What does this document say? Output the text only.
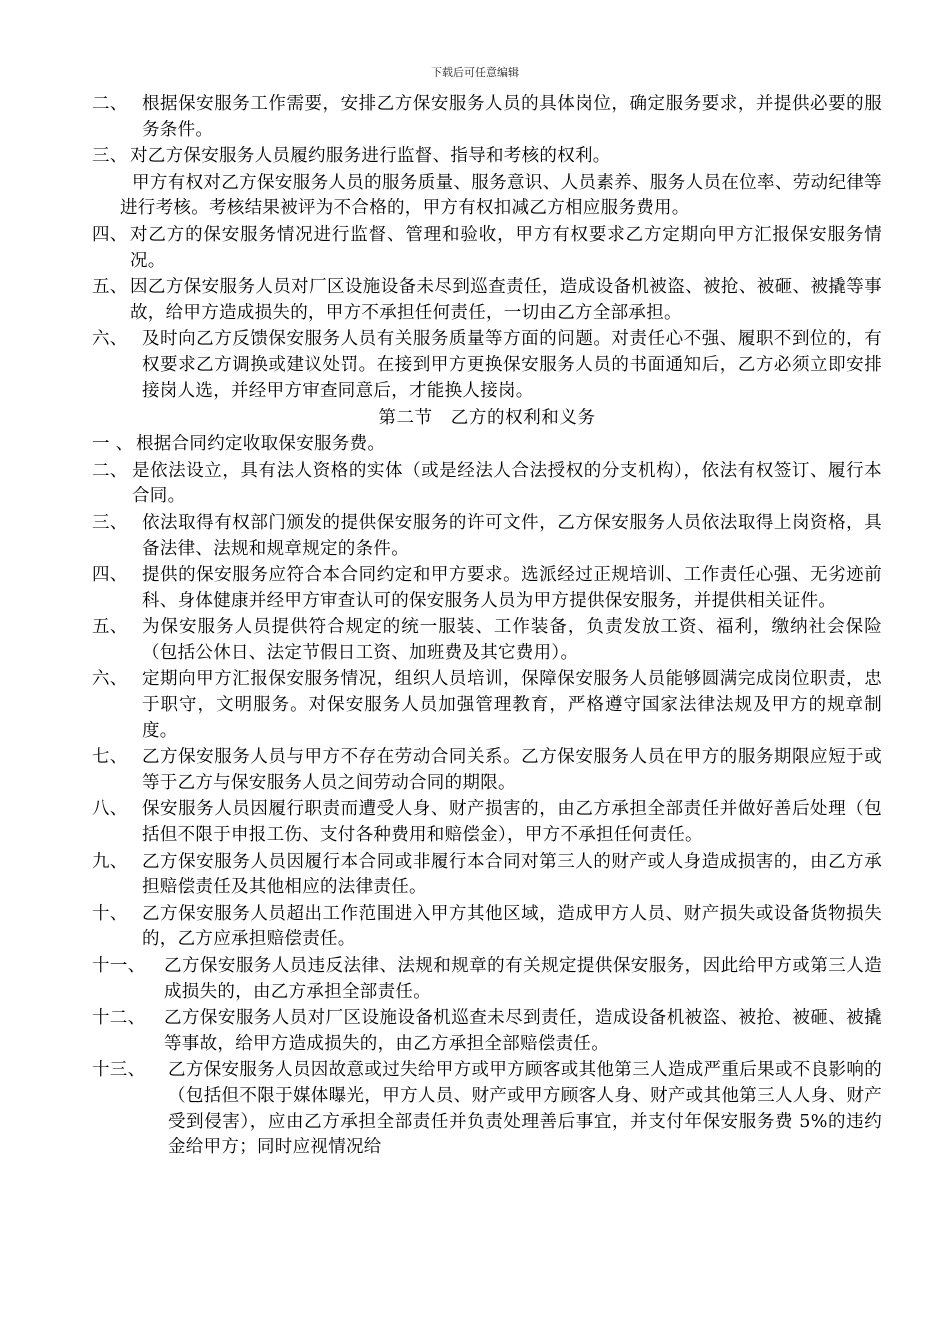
下载后可任意编辑
二、 根据保安服务工作需要，安排乙方保安服务人员的具体岗位，确定服务要求，并提供必要的服务条件。
三、 对乙方保安服务人员履约服务进行监督、指导和考核的权利。
甲方有权对乙方保安服务人员的服务质量、服务意识、人员素养、服务人员在位率、劳动纪律等进行考核。考核结果被评为不合格的，甲方有权扣减乙方相应服务费用。
四、 对乙方的保安服务情况进行监督、管理和验收，甲方有权要求乙方定期向甲方汇报保安服务情况。
五、 因乙方保安服务人员对厂区设施设备未尽到巡查责任，造成设备机被盗、被抢、被砸、被撬等事故，给甲方造成损失的，甲方不承担任何责任，一切由乙方全部承担。
六、 及时向乙方反馈保安服务人员有关服务质量等方面的问题。对责任心不强、履职不到位的，有权要求乙方调换或建议处罚。在接到甲方更换保安服务人员的书面通知后，乙方必须立即安排接岗人选，并经甲方审查同意后，才能换人接岗。
第二节　乙方的权利和义务
一 、 根据合同约定收取保安服务费。
二、 是依法设立，具有法人资格的实体（或是经法人合法授权的分支机构），依法有权签订、履行本合同。
三、 依法取得有权部门颁发的提供保安服务的许可文件，乙方保安服务人员依法取得上岗资格，具备法律、法规和规章规定的条件。
四、 提供的保安服务应符合本合同约定和甲方要求。选派经过正规培训、工作责任心强、无劣迹前科、身体健康并经甲方审查认可的保安服务人员为甲方提供保安服务，并提供相关证件。
五、 为保安服务人员提供符合规定的统一服装、工作装备，负责发放工资、福利，缴纳社会保险（包括公休日、法定节假日工资、加班费及其它费用）。
六、 定期向甲方汇报保安服务情况，组织人员培训，保障保安服务人员能够圆满完成岗位职责，忠于职守，文明服务。对保安服务人员加强管理教育，严格遵守国家法律法规及甲方的规章制度。
七、 乙方保安服务人员与甲方不存在劳动合同关系。乙方保安服务人员在甲方的服务期限应短于或等于乙方与保安服务人员之间劳动合同的期限。
八、 保安服务人员因履行职责而遭受人身、财产损害的，由乙方承担全部责任并做好善后处理（包括但不限于申报工伤、支付各种费用和赔偿金），甲方不承担任何责任。
九、 乙方保安服务人员因履行本合同或非履行本合同对第三人的财产或人身造成损害的，由乙方承担赔偿责任及其他相应的法律责任。
十、 乙方保安服务人员超出工作范围进入甲方其他区域，造成甲方人员、财产损失或设备货物损失的，乙方应承担赔偿责任。
十一、	乙方保安服务人员违反法律、法规和规章的有关规定提供保安服务，因此给甲方或第三人造成损失的，由乙方承担全部责任。
十二、	乙方保安服务人员对厂区设施设备机巡查未尽到责任，造成设备机被盗、被抢、被砸、被撬等事故，给甲方造成损失的，由乙方承担全部赔偿责任。
十三、	乙方保安服务人员因故意或过失给甲方或甲方顾客或其他第三人造成严重后果或不良影响的（包括但不限于媒体曝光，甲方人员、财产或甲方顾客人身、财产或其他第三人人身、财产受到侵害），应由乙方承担全部责任并负责处理善后事宜，并支付年保安服务费 5%的违约金给甲方；同时应视情况给
